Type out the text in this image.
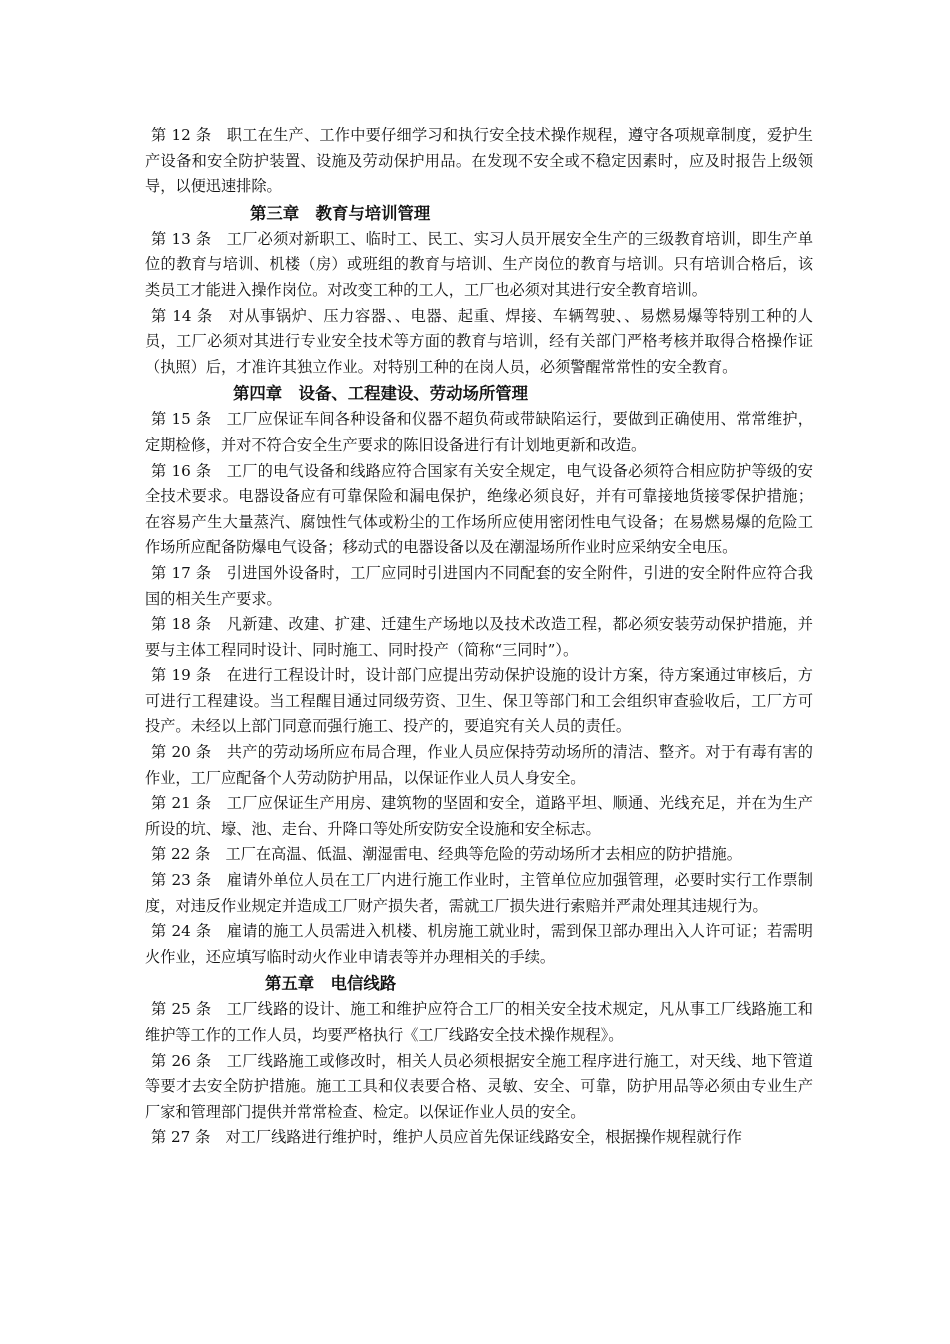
第 12 条　职工在生产、工作中要仔细学习和执行安全技术操作规程，遵守各项规章制度，爱护生产设备和安全防护装置、设施及劳动保护用品。在发现不安全或不稳定因素时，应及时报告上级领导，以便迅速排除。

第三章　教育与培训管理

第 13 条　工厂必须对新职工、临时工、民工、实习人员开展安全生产的三级教育培训，即生产单位的教育与培训、机楼（房）或班组的教育与培训、生产岗位的教育与培训。只有培训合格后，该类员工才能进入操作岗位。对改变工种的工人，工厂也必须对其进行安全教育培训。

第 14 条　对从事锅炉、压力容器、、电器、起重、焊接、车辆驾驶、、易燃易爆等特别工种的人员，工厂必须对其进行专业安全技术等方面的教育与培训，经有关部门严格考核并取得合格操作证（执照）后，才准许其独立作业。对特别工种的在岗人员，必须警醒常常性的安全教育。

第四章　设备、工程建设、劳动场所管理

第 15 条　工厂应保证车间各种设备和仪器不超负荷或带缺陷运行，要做到正确使用、常常维护，定期检修，并对不符合安全生产要求的陈旧设备进行有计划地更新和改造。

第 16 条　工厂的电气设备和线路应符合国家有关安全规定，电气设备必须符合相应防护等级的安全技术要求。电器设备应有可靠保险和漏电保护，绝缘必须良好，并有可靠接地货接零保护措施；在容易产生大量蒸汽、腐蚀性气体或粉尘的工作场所应使用密闭性电气设备；在易燃易爆的危险工作场所应配备防爆电气设备；移动式的电器设备以及在潮湿场所作业时应采纳安全电压。

第 17 条　引进国外设备时，工厂应同时引进国内不同配套的安全附件，引进的安全附件应符合我国的相关生产要求。

第 18 条　凡新建、改建、扩建、迁建生产场地以及技术改造工程，都必须安装劳动保护措施，并要与主体工程同时设计、同时施工、同时投产（简称“三同时”）。

第 19 条　在进行工程设计时，设计部门应提出劳动保护设施的设计方案，待方案通过审核后，方可进行工程建设。当工程醒目通过同级劳资、卫生、保卫等部门和工会组织审查验收后，工厂方可投产。未经以上部门同意而强行施工、投产的，要追究有关人员的责任。

第 20 条　共产的劳动场所应布局合理，作业人员应保持劳动场所的清洁、整齐。对于有毒有害的作业，工厂应配备个人劳动防护用品，以保证作业人员人身安全。

第 21 条　工厂应保证生产用房、建筑物的坚固和安全，道路平坦、顺通、光线充足，并在为生产所设的坑、壕、池、走台、升降口等处所安防安全设施和安全标志。

第 22 条　工厂在高温、低温、潮湿雷电、经典等危险的劳动场所才去相应的防护措施。

第 23 条　雇请外单位人员在工厂内进行施工作业时，主管单位应加强管理，必要时实行工作票制度，对违反作业规定并造成工厂财产损失者，需就工厂损失进行索赔并严肃处理其违规行为。

第 24 条　雇请的施工人员需进入机楼、机房施工就业时，需到保卫部办理出入人许可证；若需明火作业，还应填写临时动火作业申请表等并办理相关的手续。

第五章　电信线路

第 25 条　工厂线路的设计、施工和维护应符合工厂的相关安全技术规定，凡从事工厂线路施工和维护等工作的工作人员，均要严格执行《工厂线路安全技术操作规程》。

第 26 条　工厂线路施工或修改时，相关人员必须根据安全施工程序进行施工，对天线、地下管道等要才去安全防护措施。施工工具和仪表要合格、灵敏、安全、可靠，防护用品等必须由专业生产厂家和管理部门提供并常常检查、检定。以保证作业人员的安全。

第 27 条　对工厂线路进行维护时，维护人员应首先保证线路安全，根据操作规程就行作
